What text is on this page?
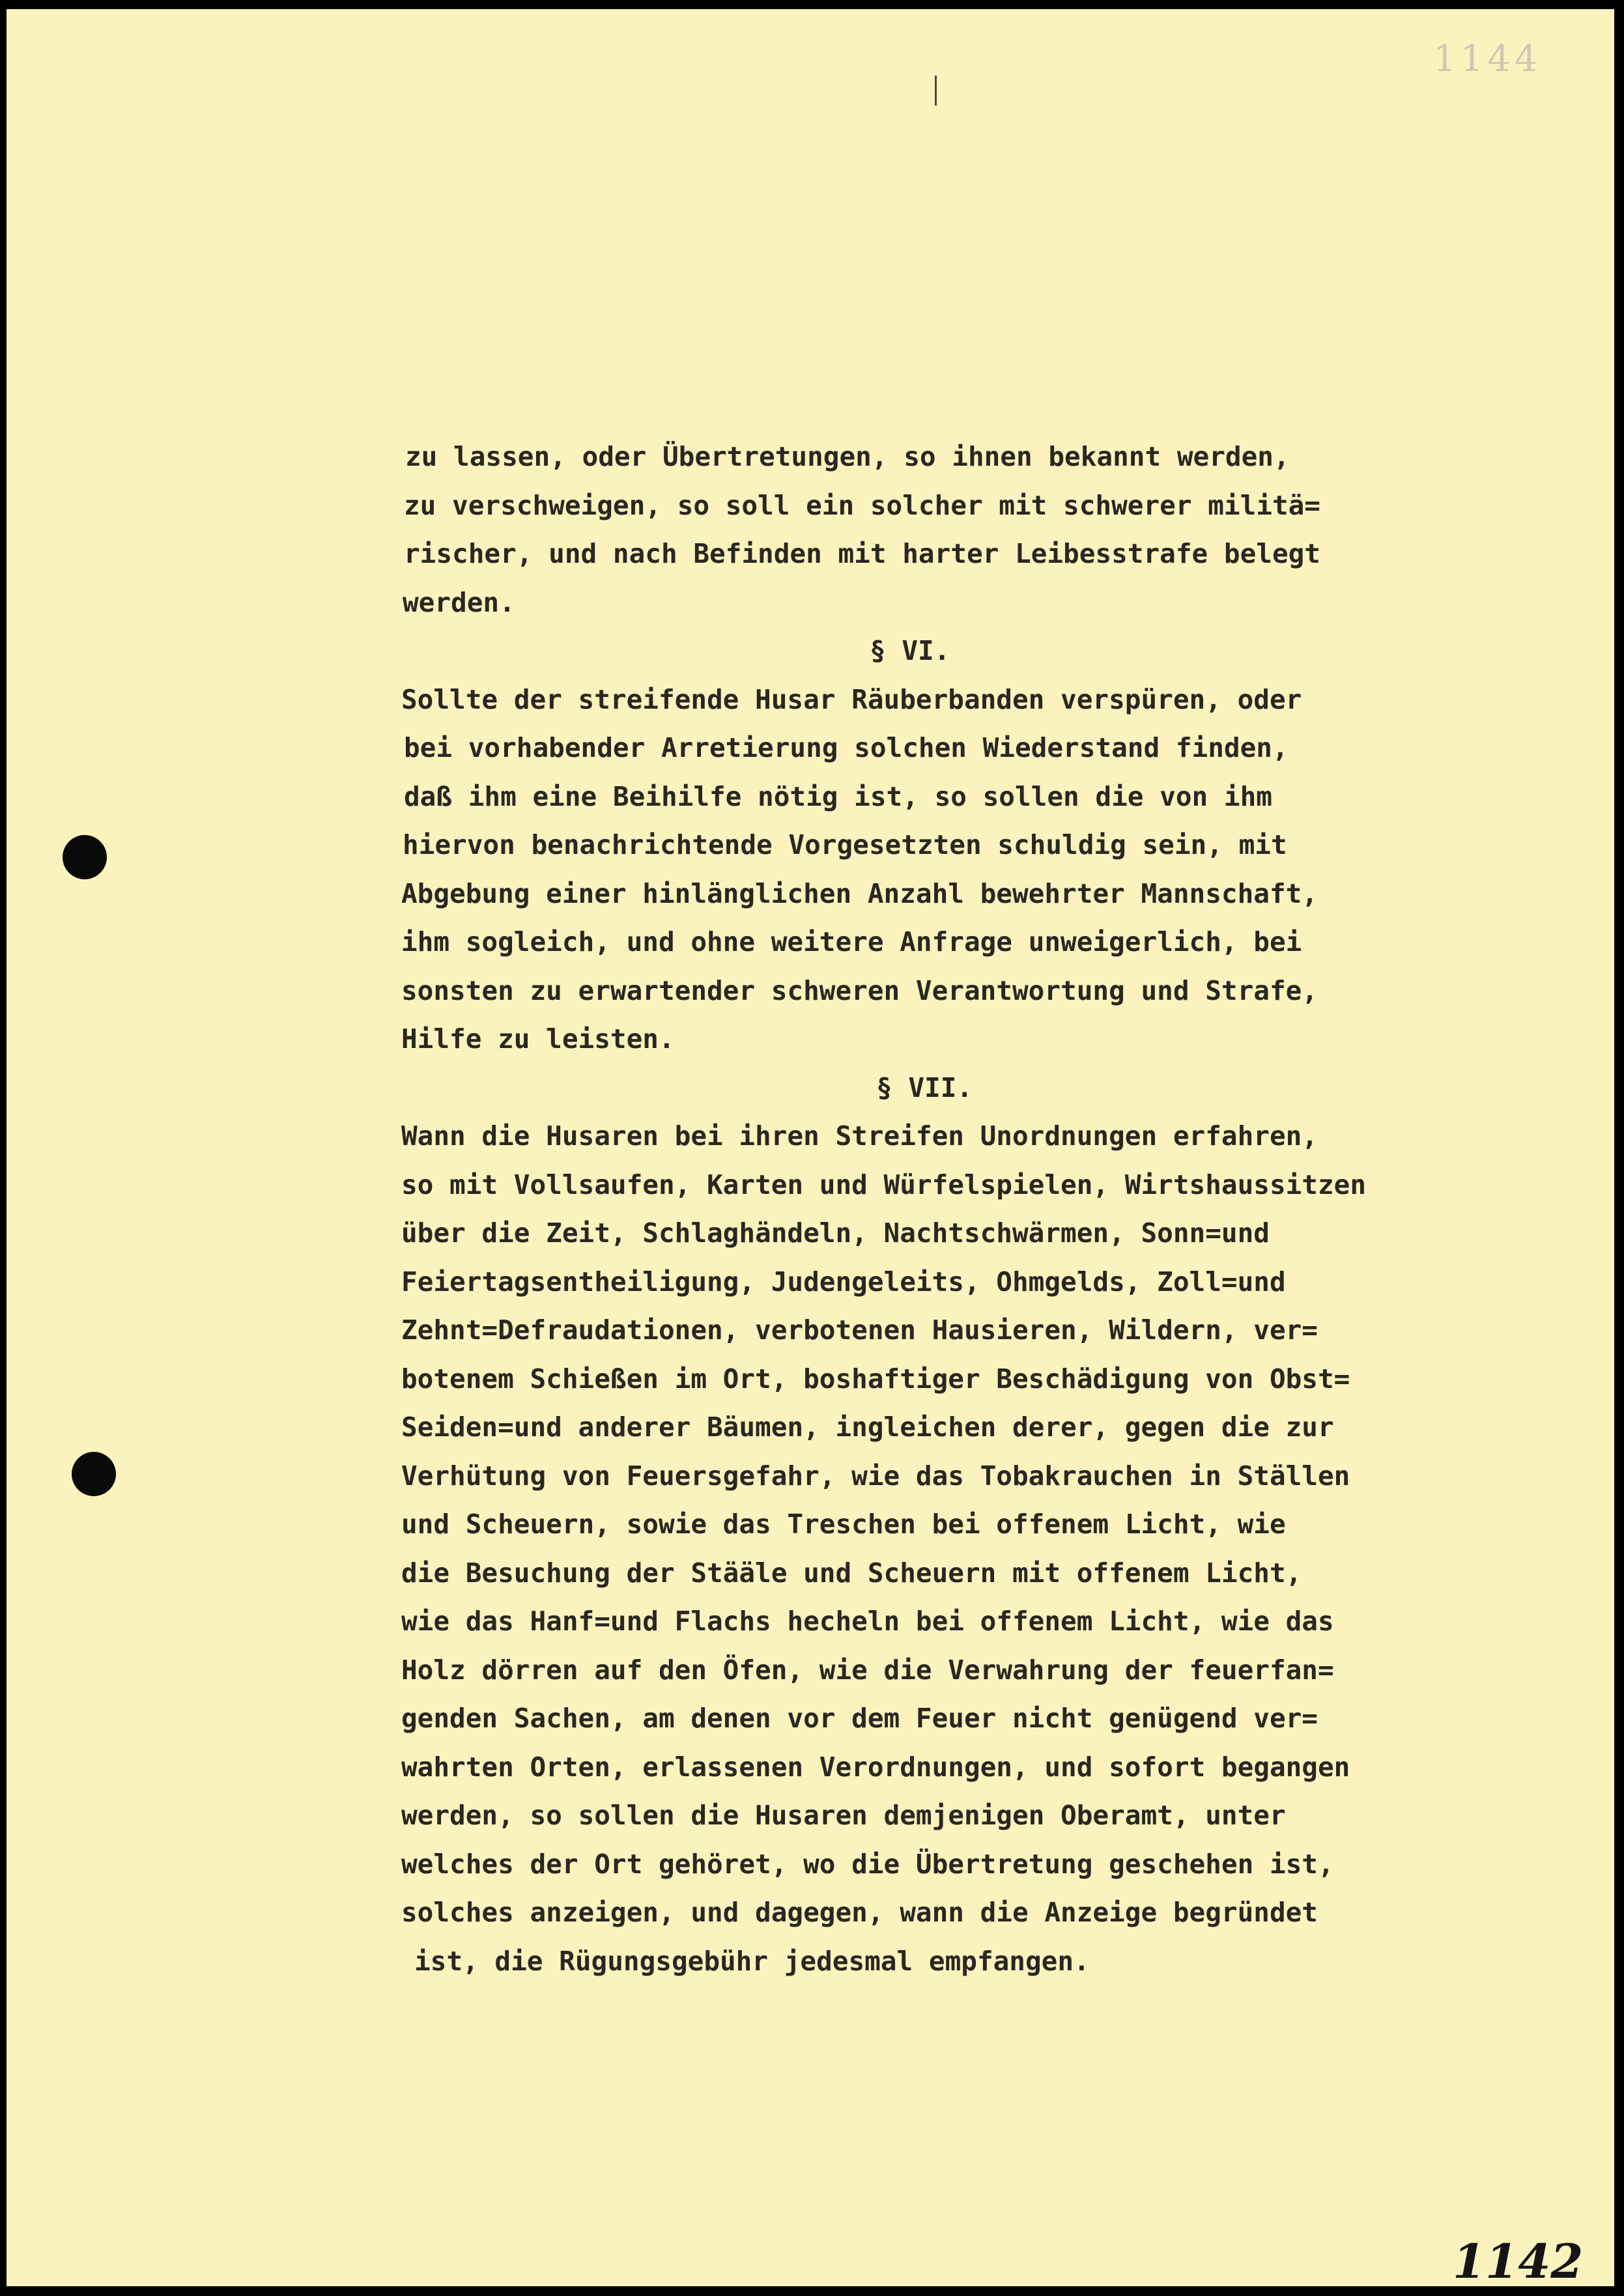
1144
zu lassen, oder Übertretungen, so ihnen bekannt werden,
zu verschweigen, so soll ein solcher mit schwerer militä=
rischer, und nach Befinden mit harter Leibesstrafe belegt
werden.
§ VI.
Sollte der streifende Husar Räuberbanden verspüren, oder
bei vorhabender Arretierung solchen Wiederstand finden,
daß ihm eine Beihilfe nötig ist, so sollen die von ihm
hiervon benachrichtende Vorgesetzten schuldig sein, mit
Abgebung einer hinlänglichen Anzahl bewehrter Mannschaft,
ihm sogleich, und ohne weitere Anfrage unweigerlich, bei
sonsten zu erwartender schweren Verantwortung und Strafe,
Hilfe zu leisten.
§ VII.
Wann die Husaren bei ihren Streifen Unordnungen erfahren,
so mit Vollsaufen, Karten und Würfelspielen, Wirtshaussitzen
über die Zeit, Schlaghändeln, Nachtschwärmen, Sonn=und
Feiertagsentheiligung, Judengeleits, Ohmgelds, Zoll=und
Zehnt=Defraudationen, verbotenen Hausieren, Wildern, ver=
botenem Schießen im Ort, boshaftiger Beschädigung von Obst=
Seiden=und anderer Bäumen, ingleichen derer, gegen die zur
Verhütung von Feuersgefahr, wie das Tobakrauchen in Ställen
und Scheuern, sowie das Treschen bei offenem Licht, wie
die Besuchung der Stääle und Scheuern mit offenem Licht,
wie das Hanf=und Flachs hecheln bei offenem Licht, wie das
Holz dörren auf den Öfen, wie die Verwahrung der feuerfan=
genden Sachen, am denen vor dem Feuer nicht genügend ver=
wahrten Orten, erlassenen Verordnungen, und sofort begangen
werden, so sollen die Husaren demjenigen Oberamt, unter
welches der Ort gehöret, wo die Übertretung geschehen ist,
solches anzeigen, und dagegen, wann die Anzeige begründet
ist, die Rügungsgebühr jedesmal empfangen.
1142
